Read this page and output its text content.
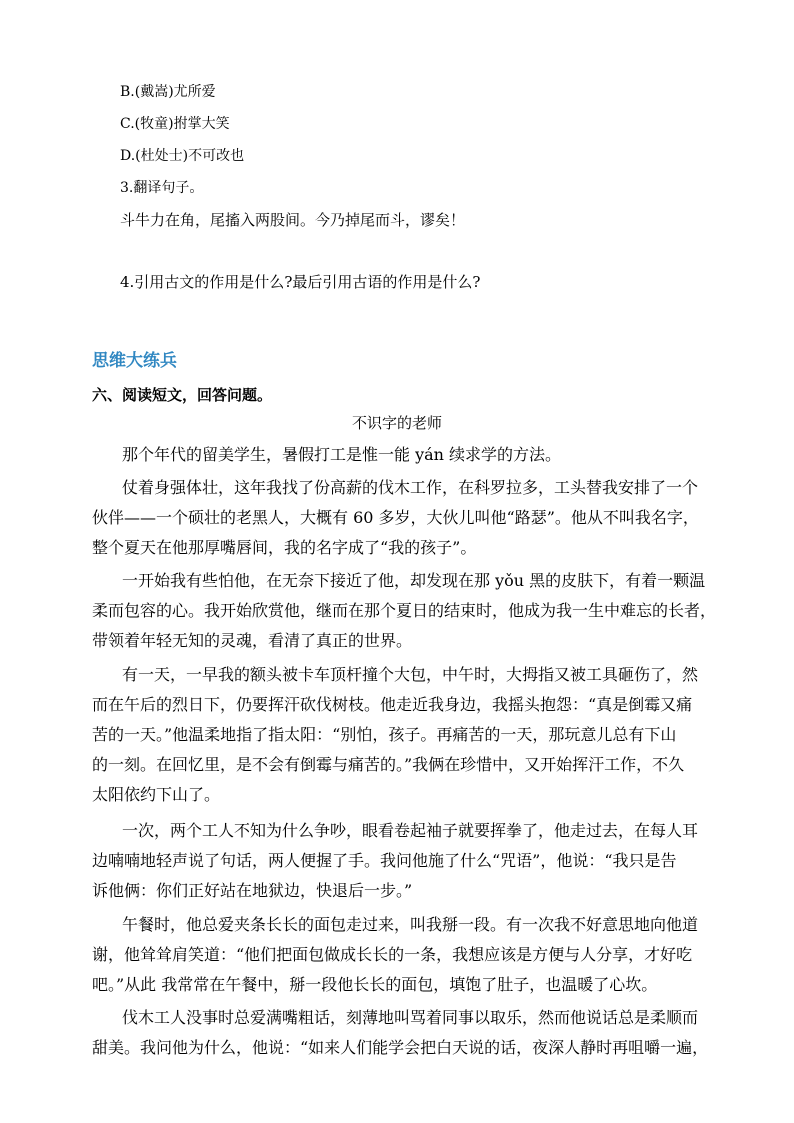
B.(戴嵩)尤所爱
C.(牧童)拊掌大笑
D.(杜处士)不可改也
3.翻译句子。
斗牛力在角，尾搐入两股间。今乃掉尾而斗，谬矣！
4.引用古文的作用是什么?最后引用古语的作用是什么?
思维大练兵
六、阅读短文，回答问题。
不识字的老师
那个年代的留美学生，暑假打工是惟一能 yán 续求学的方法。
仗着身强体壮，这年我找了份高薪的伐木工作，在科罗拉多，工头替我安排了一个
伙伴——一个硕壮的老黑人，大概有 60 多岁，大伙儿叫他“路瑟”。他从不叫我名字，
整个夏天在他那厚嘴唇间，我的名字成了“我的孩子”。
一开始我有些怕他，在无奈下接近了他，却发现在那 yǒu 黑的皮肤下，有着一颗温
柔而包容的心。我开始欣赏他，继而在那个夏日的结束时，他成为我一生中难忘的长者，
带领着年轻无知的灵魂，看清了真正的世界。
有一天，一早我的额头被卡车顶杆撞个大包，中午时，大拇指又被工具砸伤了，然
而在午后的烈日下，仍要挥汗砍伐树枝。他走近我身边，我摇头抱怨：“真是倒霉又痛
苦的一天。”他温柔地指了指太阳：“别怕，孩子。再痛苦的一天，那玩意儿总有下山
的一刻。在回忆里，是不会有倒霉与痛苦的。”我俩在珍惜中，又开始挥汗工作，不久
太阳依约下山了。
一次，两个工人不知为什么争吵，眼看卷起袖子就要挥拳了，他走过去，在每人耳
边喃喃地轻声说了句话，两人便握了手。我问他施了什么“咒语”，他说：“我只是告
诉他俩：你们正好站在地狱边，快退后一步。”
午餐时，他总爱夹条长长的面包走过来，叫我掰一段。有一次我不好意思地向他道
谢，他耸耸肩笑道：“他们把面包做成长长的一条，我想应该是方便与人分享，才好吃
吧。”从此 我常常在午餐中，掰一段他长长的面包，填饱了肚子，也温暖了心坎。
伐木工人没事时总爱满嘴粗话，刻薄地叫骂着同事以取乐，然而他说话总是柔顺而
甜美。我问他为什么，他说：“如来人们能学会把白天说的话，夜深人静时再咀嚼一遍，
